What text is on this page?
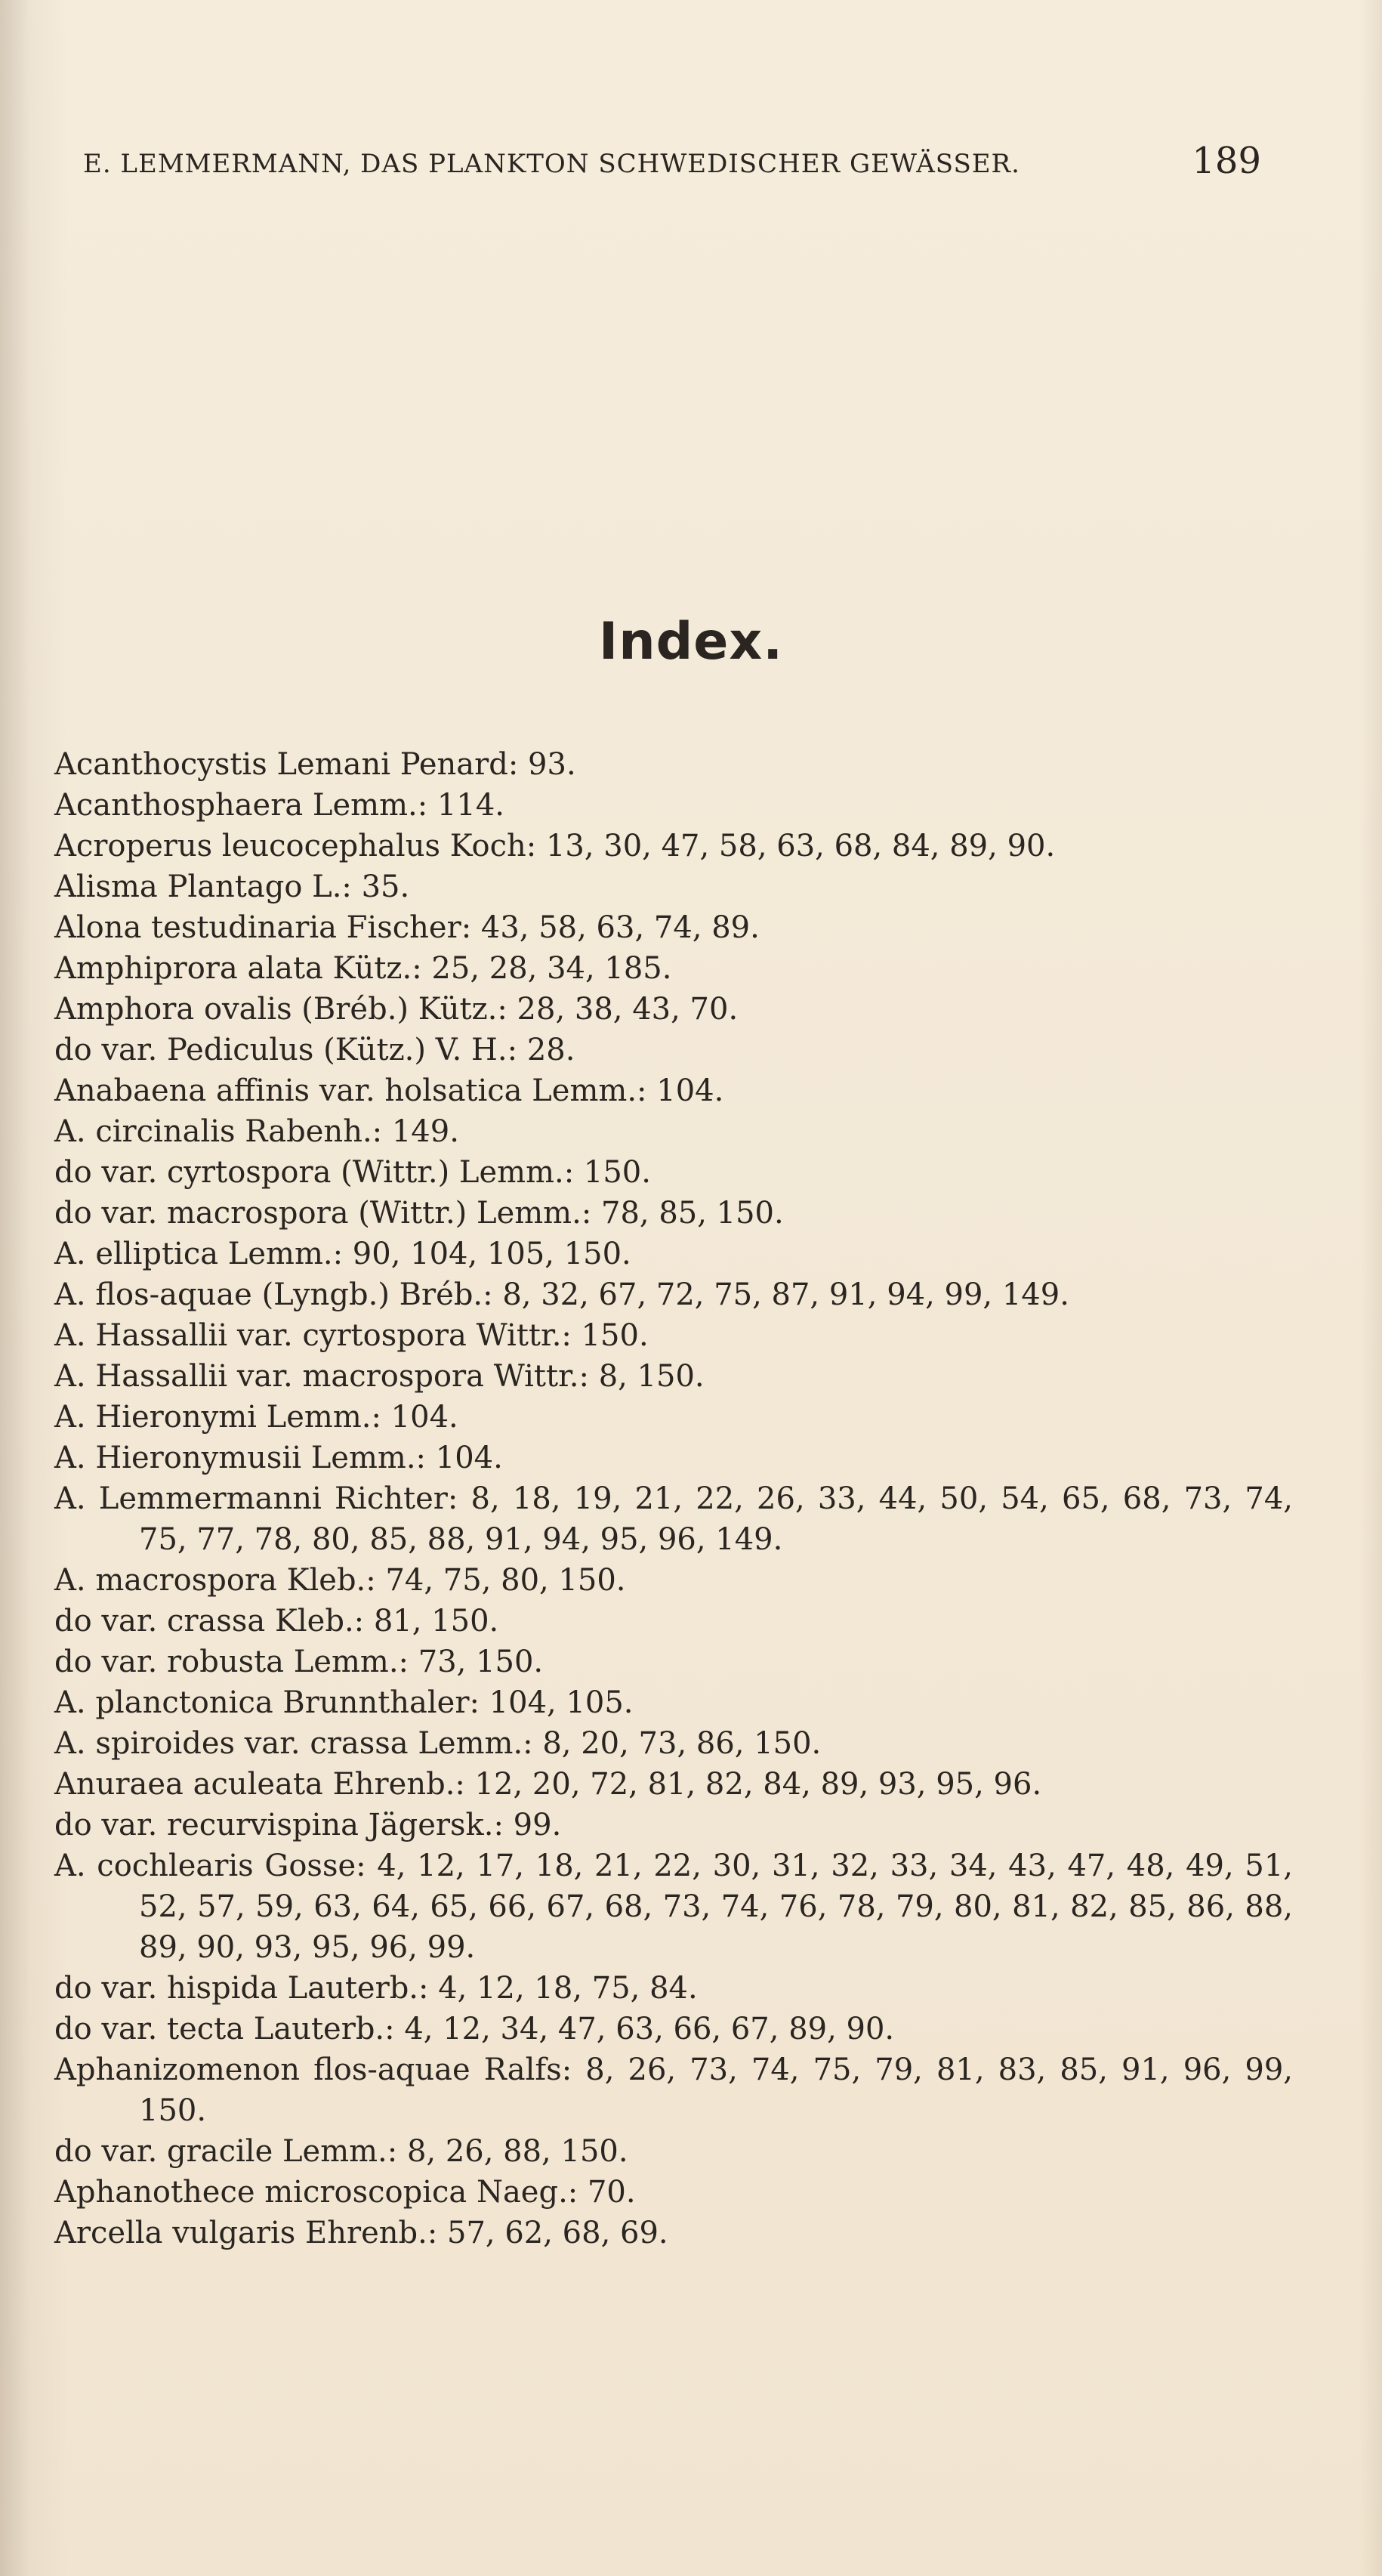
E. LEMMERMANN, DAS PLANKTON SCHWEDISCHER GEWÄSSER.	189
Index.
Acanthocystis Lemani Penard: 93.
Acanthosphaera Lemm.: 114.
Acroperus leucocephalus Koch: 13, 30, 47, 58, 63, 68, 84, 89, 90.
Alisma Plantago L.: 35.
Alona testudinaria Fischer: 43, 58, 63, 74, 89.
Amphiprora alata Kütz.: 25, 28, 34, 185.
Amphora ovalis (Bréb.) Kütz.: 28, 38, 43, 70.
do var. Pediculus (Kütz.) V. H.: 28.
Anabaena affinis var. holsatica Lemm.: 104.
A. circinalis Rabenh.: 149.
do var. cyrtospora (Wittr.) Lemm.: 150.
do var. macrospora (Wittr.) Lemm.: 78, 85, 150.
A. elliptica Lemm.: 90, 104, 105, 150.
A. flos-aquae (Lyngb.) Bréb.: 8, 32, 67, 72, 75, 87, 91, 94, 99, 149.
A. Hassallii var. cyrtospora Wittr.: 150.
A. Hassallii var. macrospora Wittr.: 8, 150.
A. Hieronymi Lemm.: 104.
A. Hieronymusii Lemm.: 104.
A. Lemmermanni Richter: 8, 18, 19, 21, 22, 26, 33, 44, 50, 54, 65, 68, 73, 74, 75, 77, 78, 80, 85, 88, 91, 94, 95, 96, 149.
A. macrospora Kleb.: 74, 75, 80, 150.
do var. crassa Kleb.: 81, 150.
do var. robusta Lemm.: 73, 150.
A. planctonica Brunnthaler: 104, 105.
A. spiroides var. crassa Lemm.: 8, 20, 73, 86, 150.
Anuraea aculeata Ehrenb.: 12, 20, 72, 81, 82, 84, 89, 93, 95, 96.
do var. recurvispina Jägersk.: 99.
A. cochlearis Gosse: 4, 12, 17, 18, 21, 22, 30, 31, 32, 33, 34, 43, 47, 48, 49, 51, 52, 57, 59, 63, 64, 65, 66, 67, 68, 73, 74, 76, 78, 79, 80, 81, 82, 85, 86, 88, 89, 90, 93, 95, 96, 99.
do var. hispida Lauterb.: 4, 12, 18, 75, 84.
do var. tecta Lauterb.: 4, 12, 34, 47, 63, 66, 67, 89, 90.
Aphanizomenon flos-aquae Ralfs: 8, 26, 73, 74, 75, 79, 81, 83, 85, 91, 96, 99, 150.
do var. gracile Lemm.: 8, 26, 88, 150.
Aphanothece microscopica Naeg.: 70.
Arcella vulgaris Ehrenb.: 57, 62, 68, 69.
